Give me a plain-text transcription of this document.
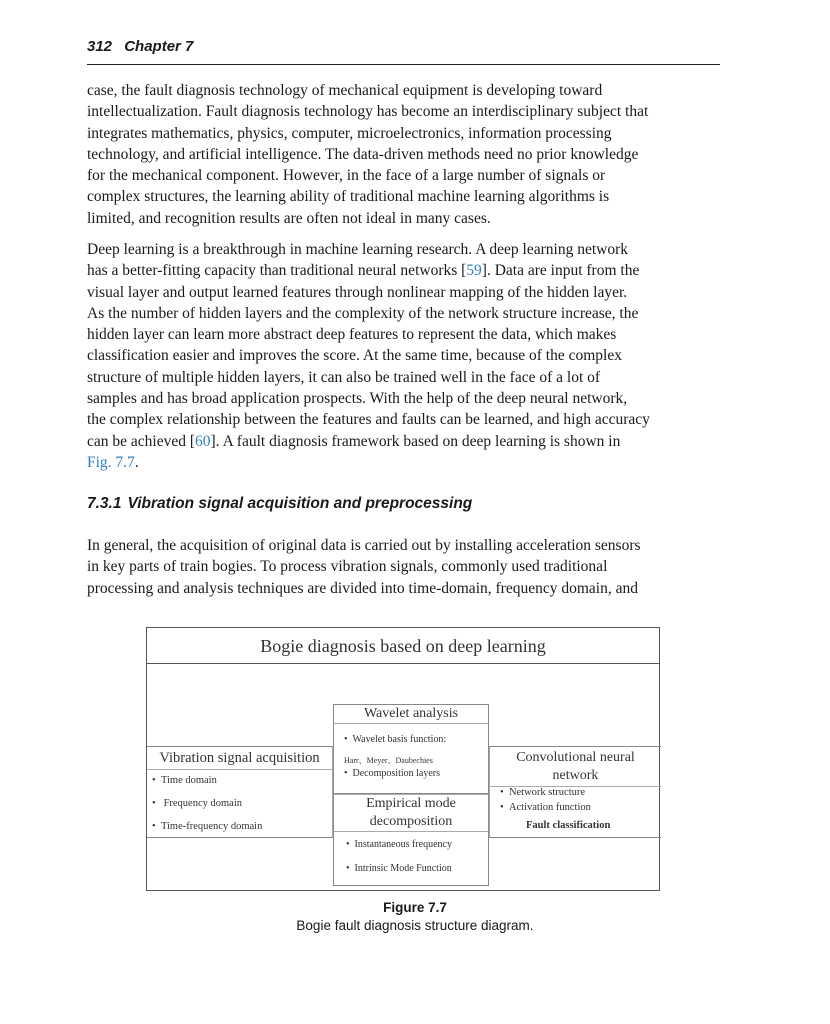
312 Chapter 7
case, the fault diagnosis technology of mechanical equipment is developing toward
intellectualization. Fault diagnosis technology has become an interdisciplinary subject that
integrates mathematics, physics, computer, microelectronics, information processing
technology, and artificial intelligence. The data-driven methods need no prior knowledge
for the mechanical component. However, in the face of a large number of signals or
complex structures, the learning ability of traditional machine learning algorithms is
limited, and recognition results are often not ideal in many cases.
Deep learning is a breakthrough in machine learning research. A deep learning network
has a better-fitting capacity than traditional neural networks [59]. Data are input from the
visual layer and output learned features through nonlinear mapping of the hidden layer.
As the number of hidden layers and the complexity of the network structure increase, the
hidden layer can learn more abstract deep features to represent the data, which makes
classification easier and improves the score. At the same time, because of the complex
structure of multiple hidden layers, it can also be trained well in the face of a lot of
samples and has broad application prospects. With the help of the deep neural network,
the complex relationship between the features and faults can be learned, and high accuracy
can be achieved [60]. A fault diagnosis framework based on deep learning is shown in
Fig. 7.7.
7.3.1 Vibration signal acquisition and preprocessing
In general, the acquisition of original data is carried out by installing acceleration sensors
in key parts of train bogies. To process vibration signals, commonly used traditional
processing and analysis techniques are divided into time-domain, frequency domain, and
Bogie diagnosis based on deep learning
Vibration signal acquisition
• Time domain
• Frequency domain
• Time-frequency domain
Wavelet analysis
• Wavelet basis function:
Harr、Meyer、Daubechies
• Decomposition layers
Empirical mode
decomposition
• Instantaneous frequency
• Intrinsic Mode Function
Convolutional neural
network
• Network structure
• Activation function
Fault classification
Figure 7.7
Bogie fault diagnosis structure diagram.
